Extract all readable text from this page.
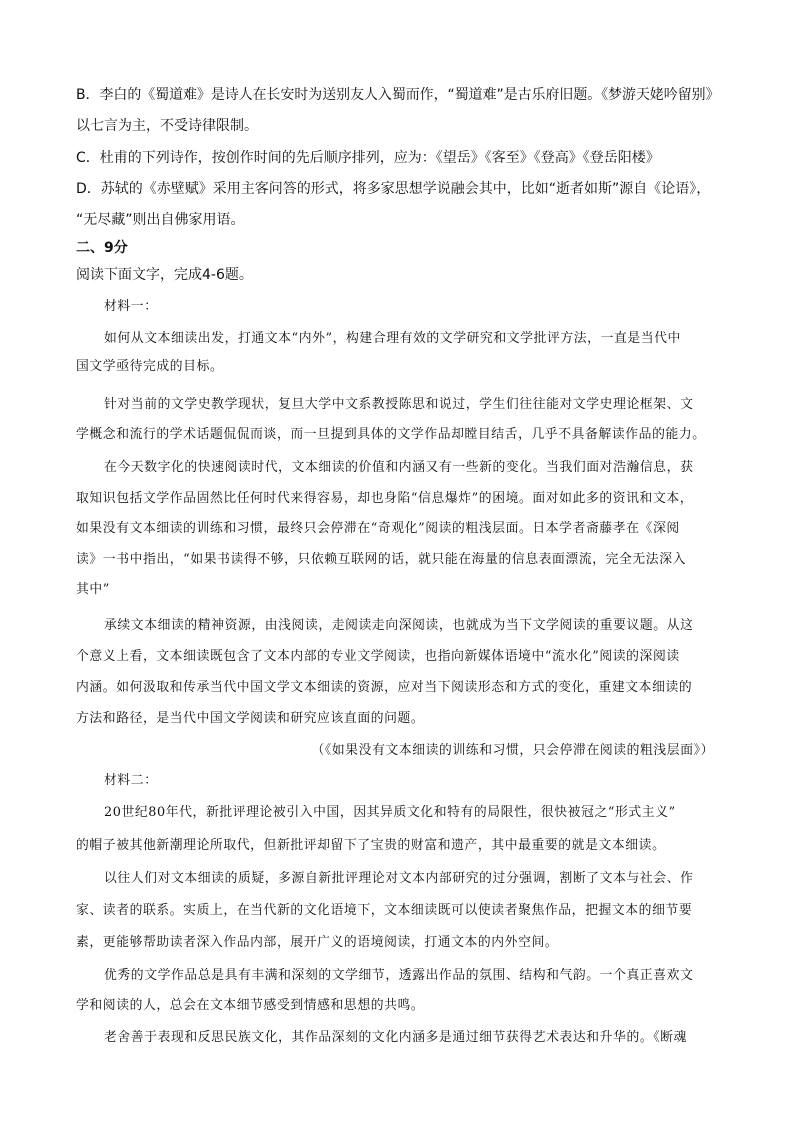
B．李白的《蜀道难》是诗人在长安时为送别友人入蜀而作，“蜀道难”是古乐府旧题。《梦游天姥吟留别》
以七言为主，不受诗律限制。
C．杜甫的下列诗作，按创作时间的先后顺序排列，应为：《望岳》《客至》《登高》《登岳阳楼》
D．苏轼的《赤壁赋》采用主客问答的形式，将多家思想学说融会其中，比如“逝者如斯”源自《论语》，
“无尽藏”则出自佛家用语。
二、9分
阅读下面文字，完成4-6题。
材料一：
如何从文本细读出发，打通文本“内外”，构建合理有效的文学研究和文学批评方法，一直是当代中
国文学亟待完成的目标。
针对当前的文学史教学现状，复旦大学中文系教授陈思和说过，学生们往往能对文学史理论框架、文
学概念和流行的学术话题侃侃而谈，而一旦提到具体的文学作品却瞠目结舌，几乎不具备解读作品的能力。
在今天数字化的快速阅读时代，文本细读的价值和内涵又有一些新的变化。当我们面对浩瀚信息，获
取知识包括文学作品固然比任何时代来得容易，却也身陷“信息爆炸”的困境。面对如此多的资讯和文本，
如果没有文本细读的训练和习惯，最终只会停滞在“奇观化”阅读的粗浅层面。日本学者斋藤孝在《深阅
读》一书中指出，“如果书读得不够，只依赖互联网的话，就只能在海量的信息表面漂流，完全无法深入
其中”
承续文本细读的精神资源，由浅阅读，走阅读走向深阅读，也就成为当下文学阅读的重要议题。从这
个意义上看，文本细读既包含了文本内部的专业文学阅读，也指向新媒体语境中“流水化”阅读的深阅读
内涵。如何汲取和传承当代中国文学文本细读的资源，应对当下阅读形态和方式的变化，重建文本细读的
方法和路径，是当代中国文学阅读和研究应该直面的问题。
（《如果没有文本细读的训练和习惯，只会停滞在阅读的粗浅层面》）
材料二：
20世纪80年代，新批评理论被引入中国，因其异质文化和特有的局限性，很快被冠之“形式主义”
的帽子被其他新潮理论所取代，但新批评却留下了宝贵的财富和遗产，其中最重要的就是文本细读。
以往人们对文本细读的质疑，多源自新批评理论对文本内部研究的过分强调，割断了文本与社会、作
家、读者的联系。实质上，在当代新的文化语境下，文本细读既可以使读者聚焦作品，把握文本的细节要
素，更能够帮助读者深入作品内部，展开广义的语境阅读，打通文本的内外空间。
优秀的文学作品总是具有丰满和深刻的文学细节，透露出作品的氛围、结构和气韵。一个真正喜欢文
学和阅读的人，总会在文本细节感受到情感和思想的共鸣。
老舍善于表现和反思民族文化，其作品深刻的文化内涵多是通过细节获得艺术表达和升华的。《断魂
